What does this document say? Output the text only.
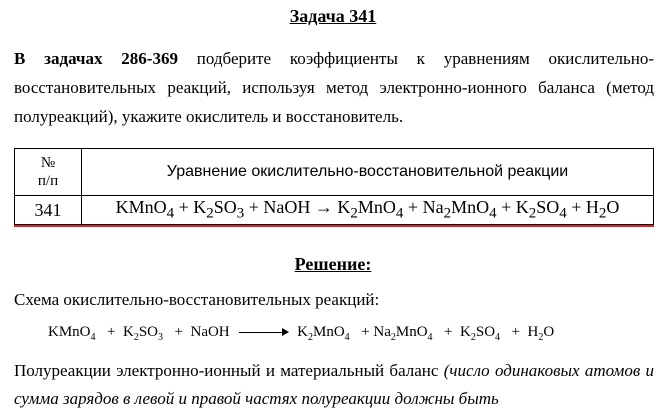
Задача 341
В задачах 286-369 подберите коэффициенты к уравнениям окислительно-восстановительных реакций, используя метод электронно-ионного баланса (метод полуреакций), укажите окислитель и восстановитель.
№
п/п	Уравнение окислительно-восстановительной реакции
341	KMnO$_4$ + $K_2SO_3$ + NaOH → $K_2MnO_4 + Na_2MnO_4 + K_2SO_4 + H_2O$
Решение:
Схема окислительно-восстановительных реакций:
KMnO$_4$  +  $K_2SO_3$  +  NaOH	$K_2MnO_4 + Na_2MnO_4 + K_2SO_4 + H_2O$
Полуреакции электронно-ионный и материальный баланс (число одинаковых атомов и сумма зарядов в левой и правой частях полуреакции должны быть
